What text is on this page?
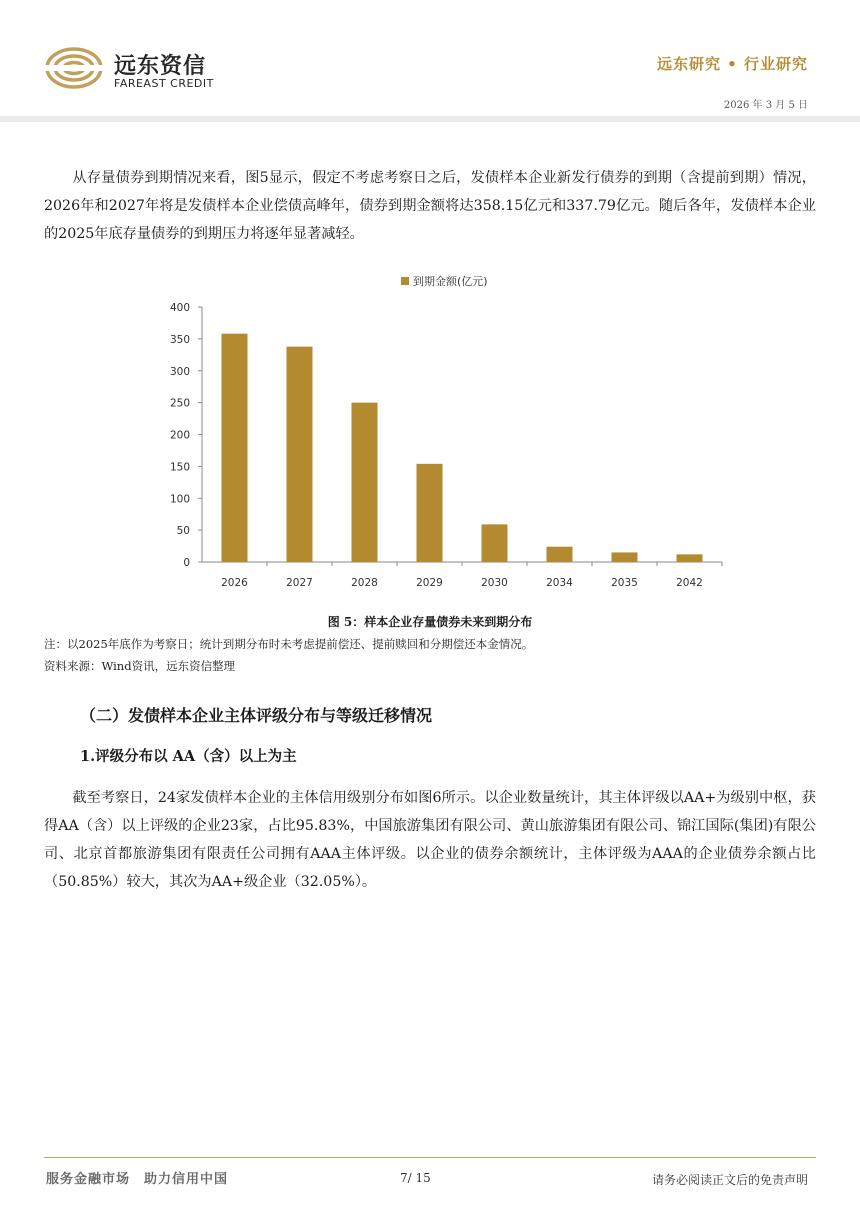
远东资信
FAREAST CREDIT
远东研究 • 行业研究
2026 年 3 月 5 日

从存量债券到期情况来看，图5显示，假定不考虑考察日之后，发债样本企业新发行债券的到期（含提前到期）情况，2026年和2027年将是发债样本企业偿债高峰年，债券到期金额将达358.15亿元和337.79亿元。随后各年，发债样本企业的2025年底存量债券的到期压力将逐年显著减轻。

到期金额(亿元)
0
50
100
150
200
250
300
350
400
2026	2027	2028	2029	2030	2034	2035	2042
图 5：样本企业存量债券未来到期分布
注：以2025年底作为考察日；统计到期分布时未考虑提前偿还、提前赎回和分期偿还本金情况。
资料来源：Wind资讯，远东资信整理
（二）发债样本企业主体评级分布与等级迁移情况
1.评级分布以 AA（含）以上为主

截至考察日，24家发债样本企业的主体信用级别分布如图6所示。以企业数量统计，其主体评级以AA+为级别中枢，获得AA（含）以上评级的企业23家，占比95.83%，中国旅游集团有限公司、黄山旅游集团有限公司、锦江国际(集团)有限公司、北京首都旅游集团有限责任公司拥有AAA主体评级。以企业的债券余额统计，主体评级为AAA的企业债券余额占比（50.85%）较大，其次为AA+级企业（32.05%）。

服务金融市场　助力信用中国	7/ 15	请务必阅读正文后的免责声明
